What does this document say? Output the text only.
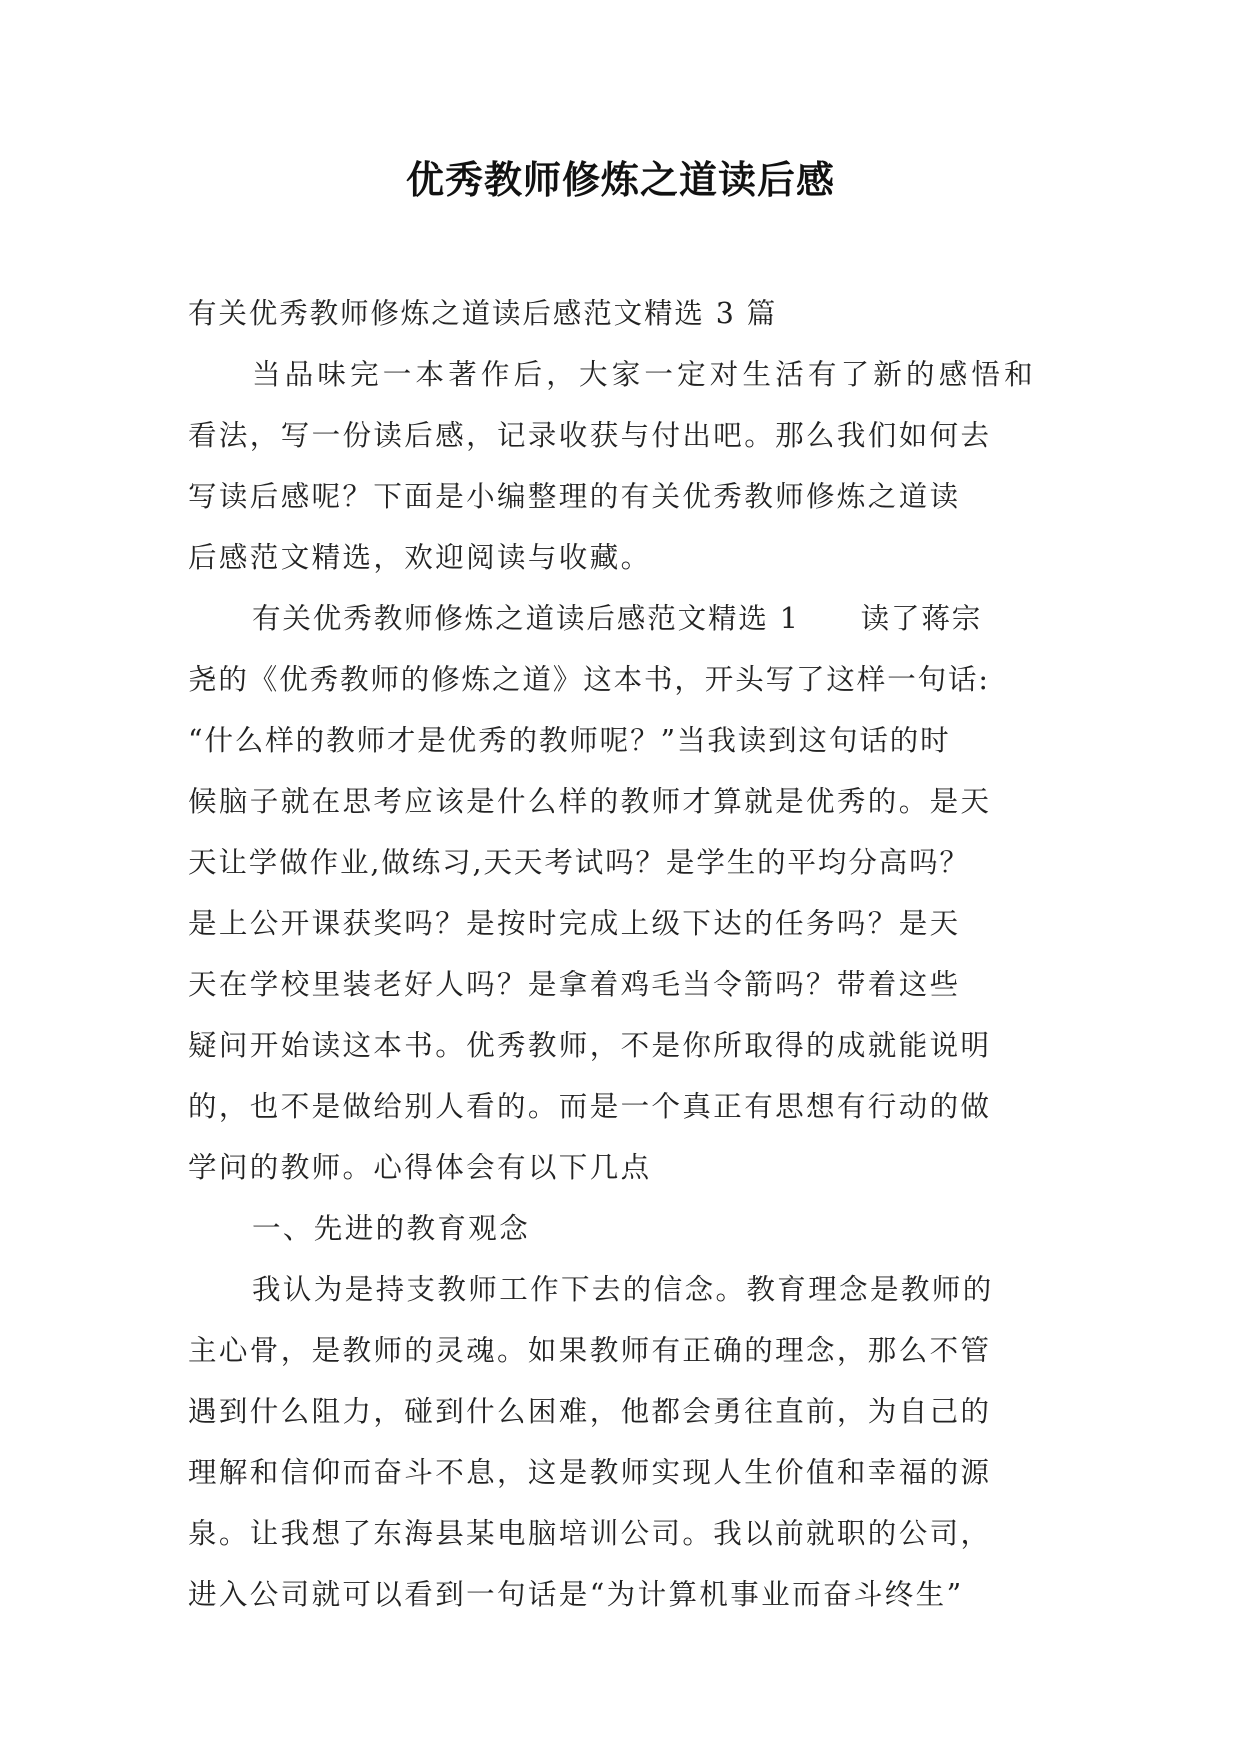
优秀教师修炼之道读后感
有关优秀教师修炼之道读后感范文精选 3 篇
当品味完一本著作后，大家一定对生活有了新的感悟和
看法，写一份读后感，记录收获与付出吧。那么我们如何去
写读后感呢？下面是小编整理的有关优秀教师修炼之道读
后感范文精选，欢迎阅读与收藏。
有关优秀教师修炼之道读后感范文精选 1　　读了蒋宗
尧的《优秀教师的修炼之道》这本书，开头写了这样一句话:
“什么样的教师才是优秀的教师呢？”当我读到这句话的时
候脑子就在思考应该是什么样的教师才算就是优秀的。是天
天让学做作业,做练习,天天考试吗？是学生的平均分高吗？
是上公开课获奖吗？是按时完成上级下达的任务吗？是天
天在学校里装老好人吗？是拿着鸡毛当令箭吗？带着这些
疑问开始读这本书。优秀教师，不是你所取得的成就能说明
的，也不是做给别人看的。而是一个真正有思想有行动的做
学问的教师。心得体会有以下几点
一、先进的教育观念
我认为是持支教师工作下去的信念。教育理念是教师的
主心骨，是教师的灵魂。如果教师有正确的理念，那么不管
遇到什么阻力，碰到什么困难，他都会勇往直前，为自己的
理解和信仰而奋斗不息，这是教师实现人生价值和幸福的源
泉。让我想了东海县某电脑培训公司。我以前就职的公司，
进入公司就可以看到一句话是“为计算机事业而奋斗终生”
